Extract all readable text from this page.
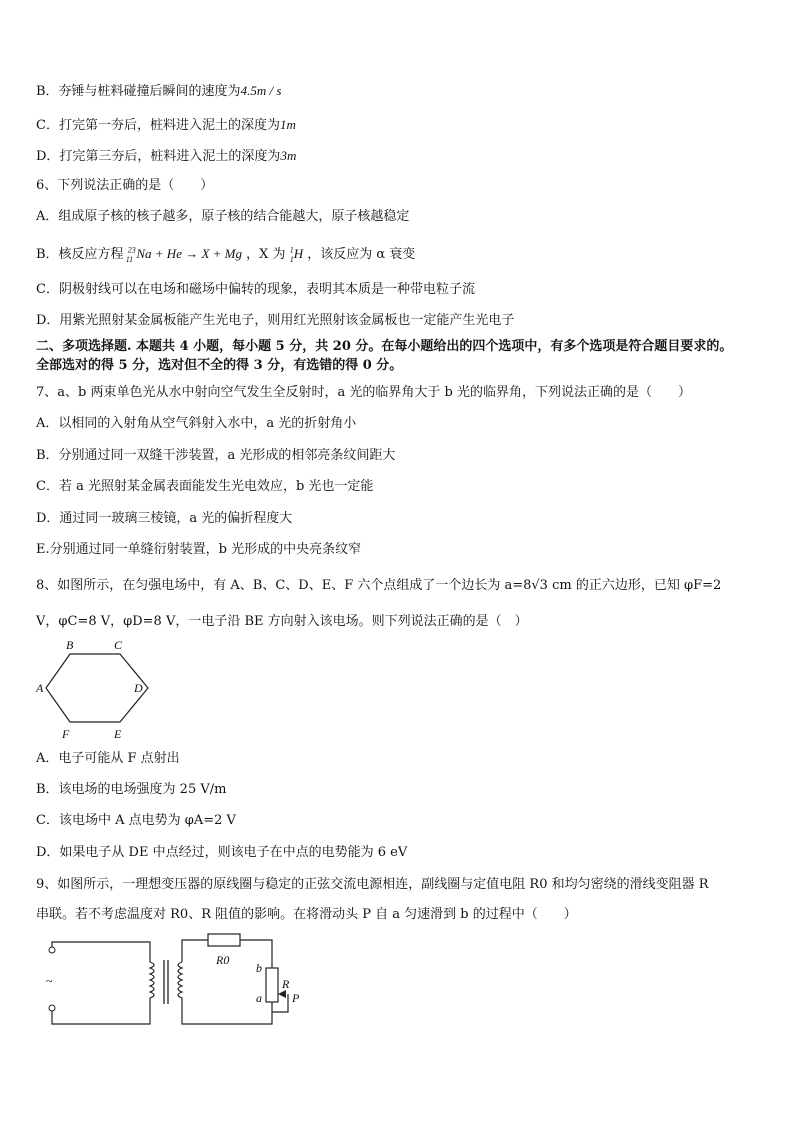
B．夯锤与桩料碰撞后瞬间的速度为4.5m / s
C．打完第一夯后，桩料进入泥土的深度为1m
D．打完第三夯后，桩料进入泥土的深度为3m
6、下列说法正确的是（　　）
A．组成原子核的核子越多，原子核的结合能越大，原子核越稳定
B．核反应方程 $^{23}_{11}$ Na + He → X + Mg ，X 为 $^1_1$H ，该反应为 α 衰变
C．阴极射线可以在电场和磁场中偏转的现象，表明其本质是一种带电粒子流
D．用紫光照射某金属板能产生光电子，则用红光照射该金属板也一定能产生光电子
二、多项选择题. 本题共 4 小题，每小题 5 分，共 20 分。在每小题给出的四个选项中，有多个选项是符合题目要求的。
全部选对的得 5 分，选对但不全的得 3 分，有选错的得 0 分。
7、a、b 两束单色光从水中射向空气发生全反射时，a 光的临界角大于 b 光的临界角，下列说法正确的是（　　）
A．以相同的入射角从空气斜射入水中，a 光的折射角小
B．分别通过同一双缝干涉装置，a 光形成的相邻亮条纹间距大
C．若 a 光照射某金属表面能发生光电效应，b 光也一定能
D．通过同一玻璃三棱镜，a 光的偏折程度大
E.分别通过同一单缝衍射装置，b 光形成的中央亮条纹窄
8、如图所示，在匀强电场中，有 A、B、C、D、E、F 六个点组成了一个边长为 a=8√3 cm 的正六边形，已知 φF=2
V，φC=8 V，φD=8 V，一电子沿 BE 方向射入该电场。则下列说法正确的是（　）
B	C
A	D
F	E
A．电子可能从 F 点射出
B．该电场的电场强度为 25 V/m
C．该电场中 A 点电势为 φA=2 V
D．如果电子从 DE 中点经过，则该电子在中点的电势能为 6 eV
9、如图所示，一理想变压器的原线圈与稳定的正弦交流电源相连，副线圈与定值电阻 R0 和均匀密绕的滑线变阻器 R
串联。若不考虑温度对 R0、R 阻值的影响。在将滑动头 P 自 a 匀速滑到 b 的过程中（　　）
~
R0
b
R
a	P
